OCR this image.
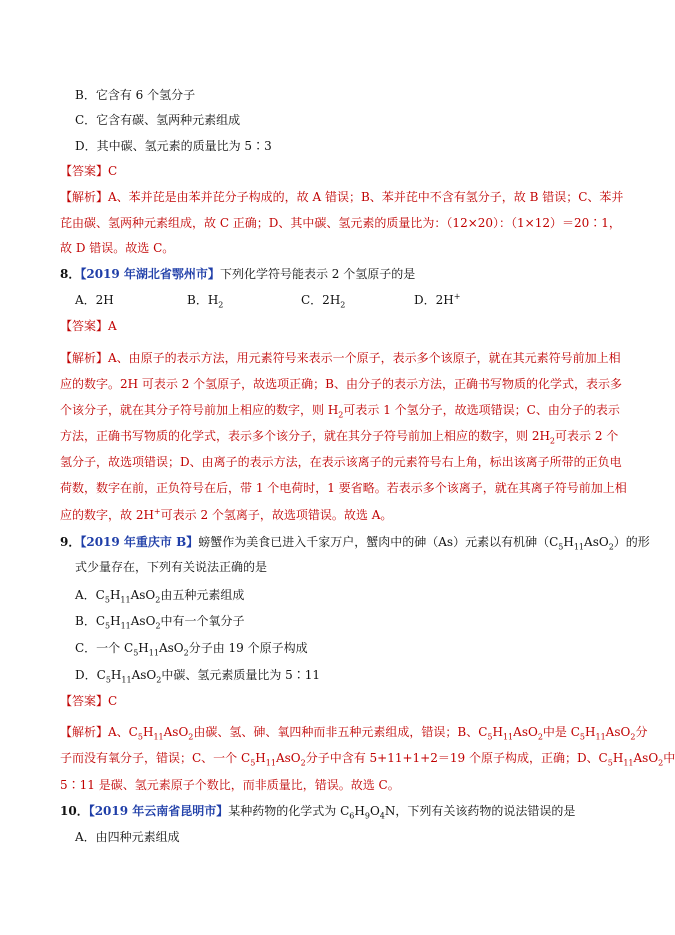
B．它含有 6 个氢分子
C．它含有碳、氢两种元素组成
D．其中碳、氢元素的质量比为 5∶3
【答案】C
【解析】A、苯并芘是由苯并芘分子构成的，故 A 错误；B、苯并芘中不含有氢分子，故 B 错误；C、苯并
芘由碳、氢两种元素组成，故 C 正确；D、其中碳、氢元素的质量比为：（12×20）：（1×12）＝20∶1，
故 D 错误。故选 C。
8．【2019 年湖北省鄂州市】下列化学符号能表示 2 个氢原子的是
A．2H	B．$H_2$	C．$2H_2$	D．2H+
【答案】A
【解析】A、由原子的表示方法，用元素符号来表示一个原子，表示多个该原子，就在其元素符号前加上相
应的数字。2H 可表示 2 个氢原子，故选项正确；B、由分子的表示方法，正确书写物质的化学式，表示多
个该分子，就在其分子符号前加上相应的数字，则 $H_2$可表示 1 个氢分子，故选项错误；C、由分子的表示
方法，正确书写物质的化学式，表示多个该分子，就在其分子符号前加上相应的数字，则 $2H_2$可表示 2 个
氢分子，故选项错误；D、由离子的表示方法，在表示该离子的元素符号右上角，标出该离子所带的正负电
荷数，数字在前，正负符号在后，带 1 个电荷时，1 要省略。若表示多个该离子，就在其离子符号前加上相
应的数字，故 2H+可表示 2 个氢离子，故选项错误。故选 A。
9．【2019 年重庆市 B】螃蟹作为美食已进入千家万户，蟹肉中的砷（As）元素以有机砷$(C_5H_{11}AsO_2)$的形
式少量存在，下列有关说法正确的是
A．$C_5H_{11}AsO_2$由五种元素组成
B．$C_5H_{11}AsO_2$中有一个氧分子
C．一个 $C_5H_{11}AsO_2$分子由 19 个原子构成
D．$C_5H_{11}AsO_2$中碳、氢元素质量比为 5∶11
【答案】C
【解析】A、$C_5H_{11}AsO_2$由碳、氢、砷、氧四种而非五种元素组成，错误；B、$C_5H_{11}AsO_2$中是 $C_5H_{11}AsO_2$分
子而没有氧分子，错误；C、一个 $C_5H_{11}AsO_2$分子中含有 5+11+1+2＝19 个原子构成，正确；D、$C_5H_{11}AsO_2$中
5∶11 是碳、氢元素原子个数比，而非质量比，错误。故选 C。
10．【2019 年云南省昆明市】某种药物的化学式为 $C_6H_9O_4N$，下列有关该药物的说法错误的是
A．由四种元素组成
